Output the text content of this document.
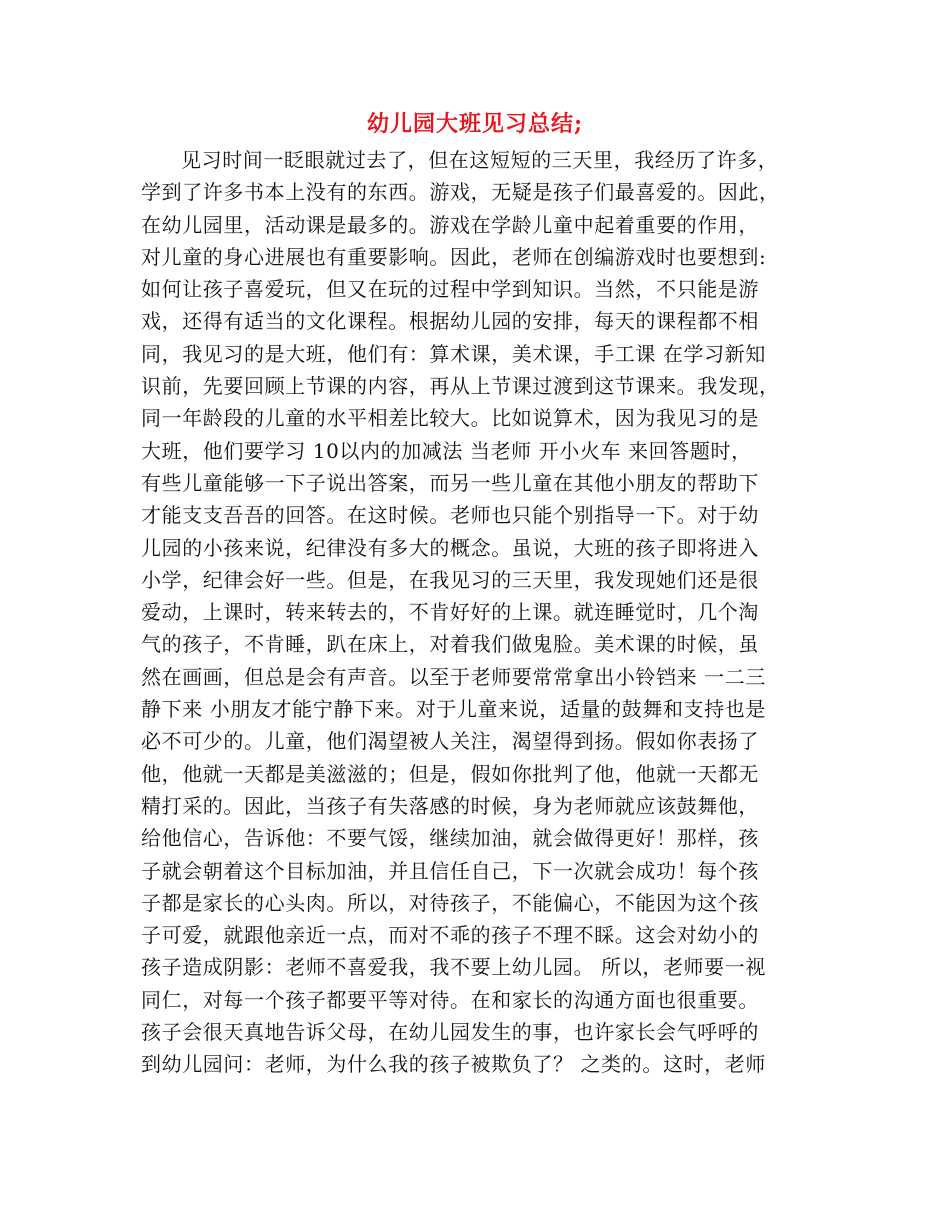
幼儿园大班见习总结;
见习时间一眨眼就过去了，但在这短短的三天里，我经历了许多，
学到了许多书本上没有的东西。游戏，无疑是孩子们最喜爱的。因此，
在幼儿园里，活动课是最多的。游戏在学龄儿童中起着重要的作用，
对儿童的身心进展也有重要影响。因此，老师在创编游戏时也要想到:
如何让孩子喜爱玩，但又在玩的过程中学到知识。当然，不只能是游
戏，还得有适当的文化课程。根据幼儿园的安排，每天的课程都不相
同，我见习的是大班，他们有：算术课，美术课，手工课 在学习新知
识前，先要回顾上节课的内容，再从上节课过渡到这节课来。我发现，
同一年龄段的儿童的水平相差比较大。比如说算术，因为我见习的是
大班，他们要学习 10以内的加减法 当老师 开小火车 来回答题时，
有些儿童能够一下子说出答案，而另一些儿童在其他小朋友的帮助下
才能支支吾吾的回答。在这时候。老师也只能个别指导一下。对于幼
儿园的小孩来说，纪律没有多大的概念。虽说，大班的孩子即将进入
小学，纪律会好一些。但是，在我见习的三天里，我发现她们还是很
爱动，上课时，转来转去的，不肯好好的上课。就连睡觉时，几个淘
气的孩子，不肯睡，趴在床上，对着我们做鬼脸。美术课的时候，虽
然在画画，但总是会有声音。以至于老师要常常拿出小铃铛来 一二三
静下来 小朋友才能宁静下来。对于儿童来说，适量的鼓舞和支持也是
必不可少的。儿童，他们渴望被人关注，渴望得到扬。假如你表扬了
他，他就一天都是美滋滋的；但是，假如你批判了他，他就一天都无
精打采的。因此，当孩子有失落感的时候，身为老师就应该鼓舞他，
给他信心，告诉他：不要气馁，继续加油，就会做得更好！那样，孩
子就会朝着这个目标加油，并且信任自己，下一次就会成功！每个孩
子都是家长的心头肉。所以，对待孩子，不能偏心，不能因为这个孩
子可爱，就跟他亲近一点，而对不乖的孩子不理不睬。这会对幼小的
孩子造成阴影：老师不喜爱我，我不要上幼儿园。 所以，老师要一视
同仁，对每一个孩子都要平等对待。在和家长的沟通方面也很重要。
孩子会很天真地告诉父母，在幼儿园发生的事，也许家长会气呼呼的
到幼儿园问：老师，为什么我的孩子被欺负了？ 之类的。这时，老师
